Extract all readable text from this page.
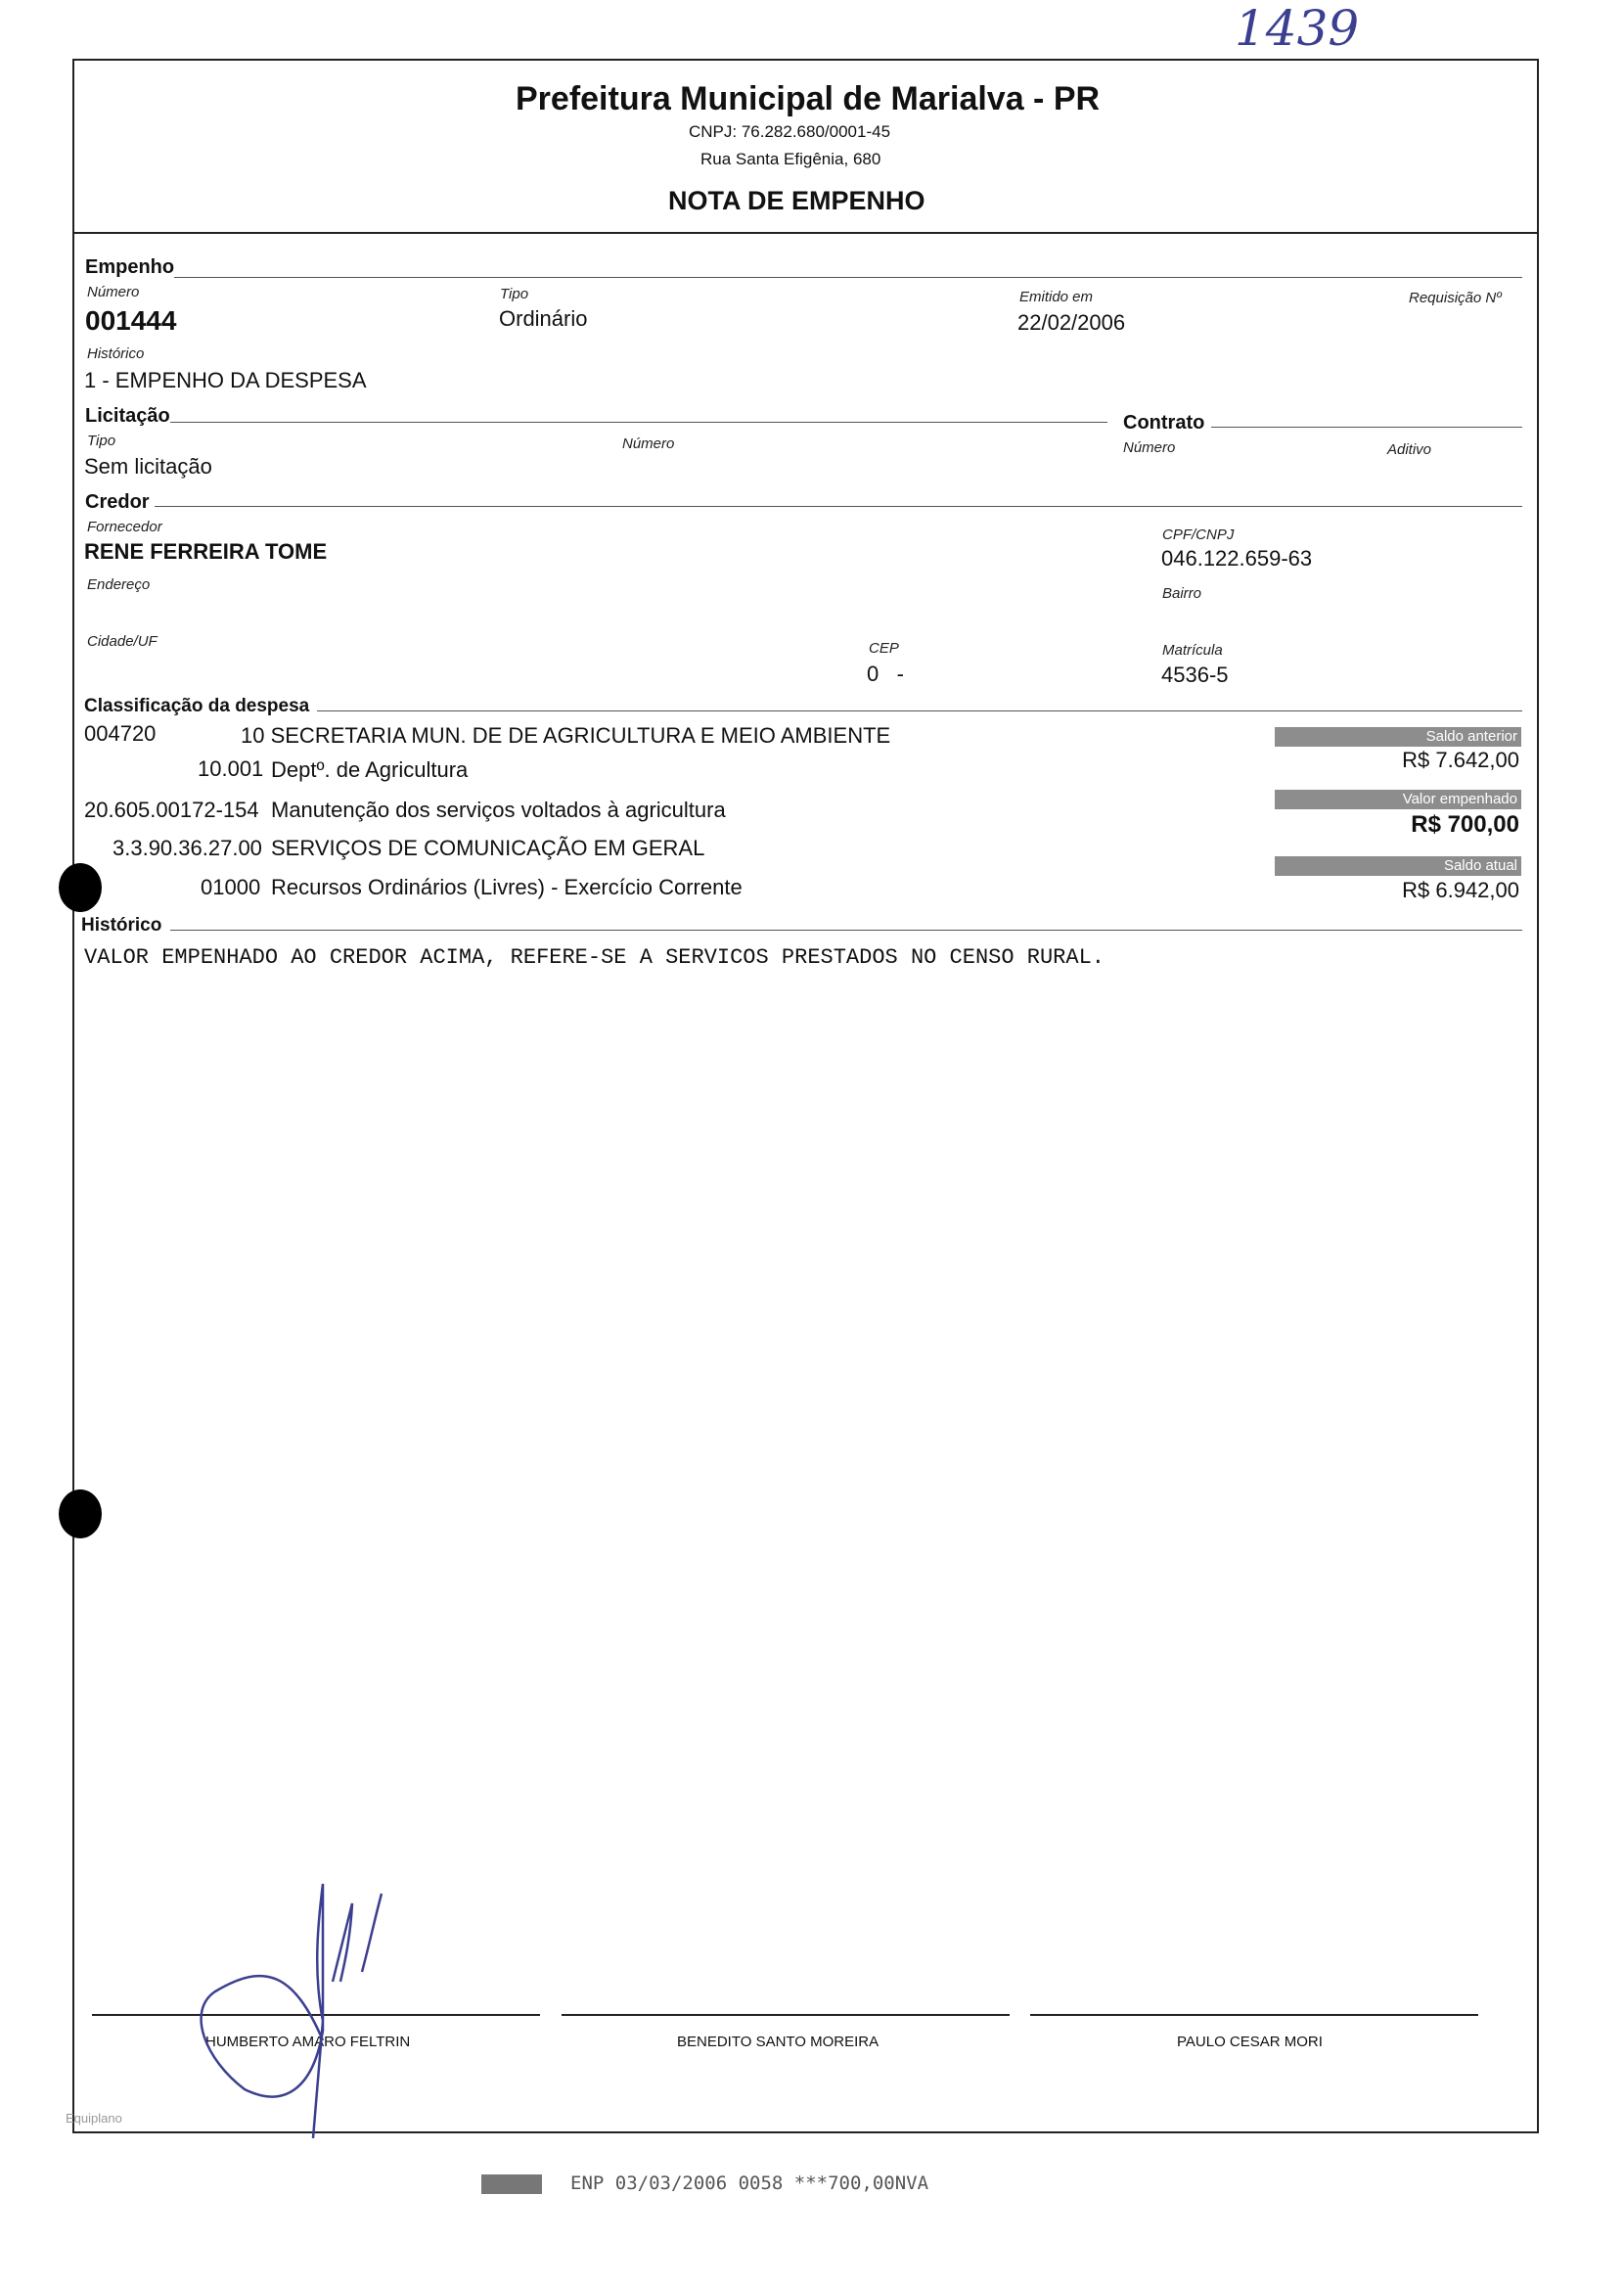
1439
Prefeitura Municipal de Marialva - PR
CNPJ: 76.282.680/0001-45
Rua Santa Efigênia, 680
NOTA DE EMPENHO
Empenho
Número
001444
Tipo
Ordinário
Emitido em
22/02/2006
Requisição Nº
Histórico
1 - EMPENHO DA DESPESA
Licitação	Contrato
Tipo
Sem licitação
Número	Número	Aditivo
Credor
Fornecedor
RENE FERREIRA TOME
CPF/CNPJ
046.122.659-63
Endereço
Bairro
Cidade/UF	CEP
0   -
Matrícula
4536-5
Classificação da despesa
004720	10 SECRETARIA MUN. DE DE AGRICULTURA E MEIO AMBIENTE
10.001 Deptº. de Agricultura
20.605.00172-154 Manutenção dos serviços voltados à agricultura
3.3.90.36.27.00 SERVIÇOS DE COMUNICAÇÃO EM GERAL
01000 Recursos Ordinários (Livres) - Exercício Corrente
Saldo anterior
R$ 7.642,00
Valor empenhado
R$ 700,00
Saldo atual
R$ 6.942,00
Histórico
VALOR EMPENHADO AO CREDOR ACIMA, REFERE-SE A SERVICOS PRESTADOS NO CENSO RURAL.
HUMBERTO AMARO FELTRIN	BENEDITO SANTO MOREIRA	PAULO CESAR MORI
Equiplano
ENP 03/03/2006 0058 ***700,00NVA
